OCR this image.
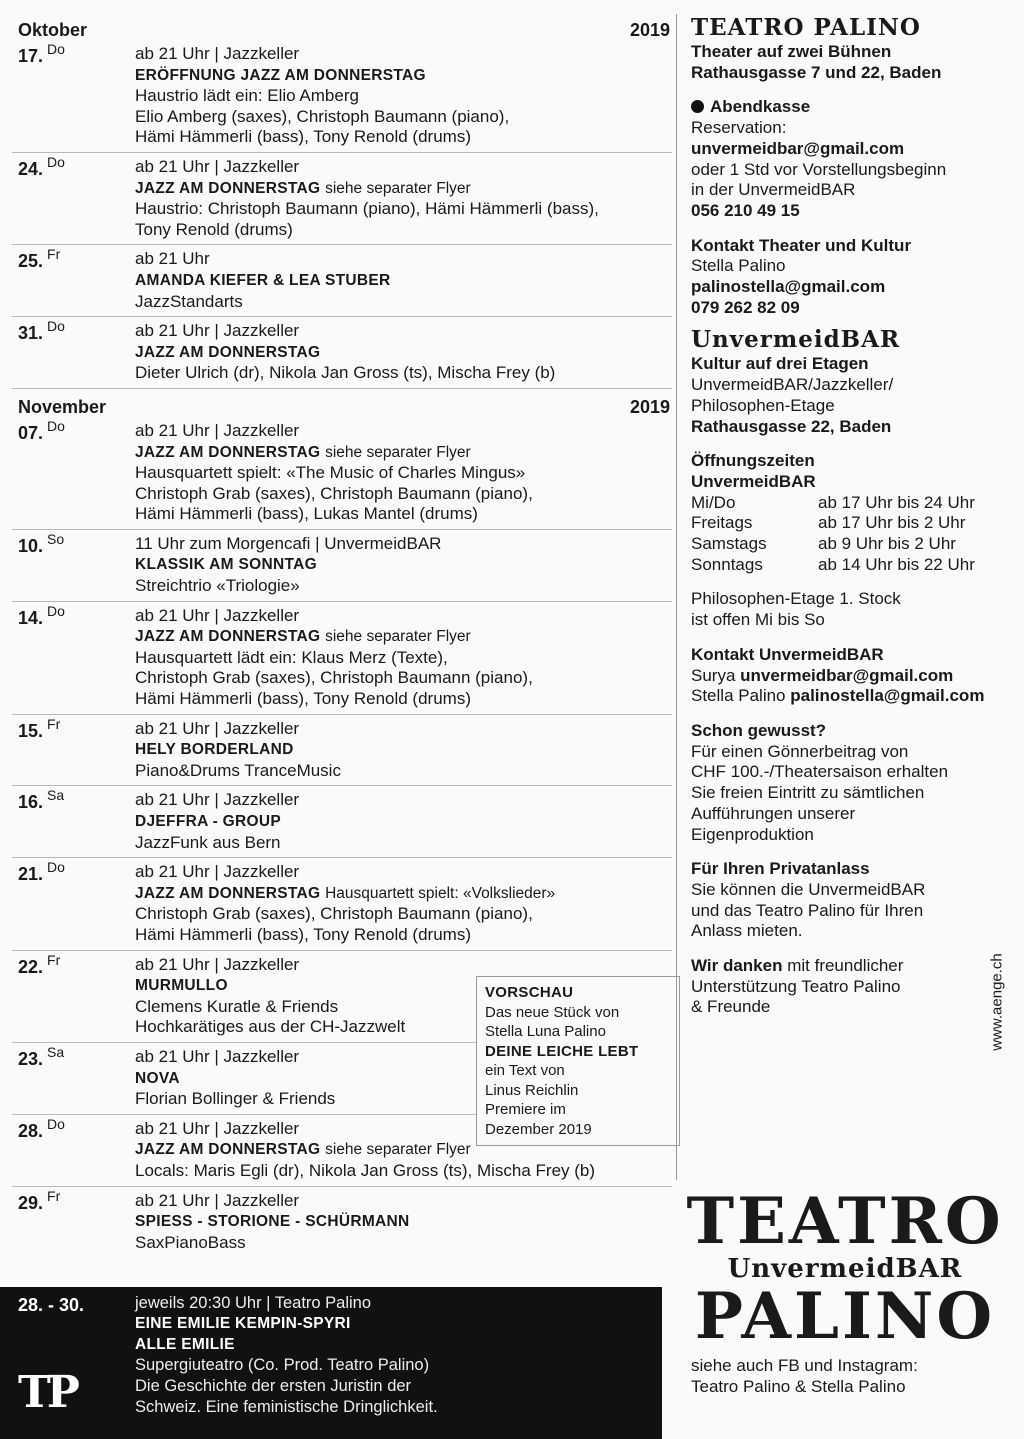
Oktober	2019
17. $^{Do}$	ab 21 Uhr | Jazzkeller
ERÖFFNUNG JAZZ AM DONNERSTAG
Haustrio lädt ein: Elio Amberg
Elio Amberg (saxes), Christoph Baumann (piano),
Hämi Hämmerli (bass), Tony Renold (drums)
24. $^{Do}$	ab 21 Uhr | Jazzkeller
JAZZ AM DONNERSTAG siehe separater Flyer
Haustrio: Christoph Baumann (piano), Hämi Hämmerli (bass),
Tony Renold (drums)
25. $^{Fr}$	ab 21 Uhr
AMANDA KIEFER & LEA STUBER
JazzStandarts
31. $^{Do}$	ab 21 Uhr | Jazzkeller
JAZZ AM DONNERSTAG
Dieter Ulrich (dr), Nikola Jan Gross (ts), Mischa Frey (b)
November	2019
07. $^{Do}$	ab 21 Uhr | Jazzkeller
JAZZ AM DONNERSTAG siehe separater Flyer
Hausquartett spielt: «The Music of Charles Mingus»
Christoph Grab (saxes), Christoph Baumann (piano),
Hämi Hämmerli (bass), Lukas Mantel (drums)
10. $^{So}$	11 Uhr zum Morgencafi | UnvermeidBAR
KLASSIK AM SONNTAG
Streichtrio «Triologie»
14. $^{Do}$	ab 21 Uhr | Jazzkeller
JAZZ AM DONNERSTAG siehe separater Flyer
Hausquartett lädt ein: Klaus Merz (Texte),
Christoph Grab (saxes), Christoph Baumann (piano),
Hämi Hämmerli (bass), Tony Renold (drums)
15. $^{Fr}$	ab 21 Uhr | Jazzkeller
HELY BORDERLAND
Piano&Drums TranceMusic
16. $^{Sa}$	ab 21 Uhr | Jazzkeller
DJEFFRA - GROUP
JazzFunk aus Bern
21. $^{Do}$	ab 21 Uhr | Jazzkeller
JAZZ AM DONNERSTAG Hausquartett spielt: «Volkslieder»
Christoph Grab (saxes), Christoph Baumann (piano),
Hämi Hämmerli (bass), Tony Renold (drums)
22. $^{Fr}$	ab 21 Uhr | Jazzkeller
MURMULLO
Clemens Kuratle & Friends
Hochkarätiges aus der CH-Jazzwelt
23. $^{Sa}$	ab 21 Uhr | Jazzkeller
NOVA
Florian Bollinger & Friends
28. $^{Do}$	ab 21 Uhr | Jazzkeller
JAZZ AM DONNERSTAG siehe separater Flyer
Locals: Maris Egli (dr), Nikola Jan Gross (ts), Mischa Frey (b)
29. $^{Fr}$	ab 21 Uhr | Jazzkeller
SPIESS - STORIONE - SCHÜRMANN
SaxPianoBass
VORSCHAU
Das neue Stück von
Stella Luna Palino
DEINE LEICHE LEBT
ein Text von
Linus Reichlin
Premiere im
Dezember 2019
28. - 30.	jeweils 20:30 Uhr | Teatro Palino
EINE EMILIE KEMPIN-SPYRI
ALLE EMILIE
Supergiuteatro (Co. Prod. Teatro Palino)
Die Geschichte der ersten Juristin der
Schweiz. Eine feministische Dringlichkeit.
TP
TEATRO PALINO
Theater auf zwei Bühnen
Rathausgasse 7 und 22, Baden
Abendkasse
Reservation:
unvermeidbar@gmail.com
oder 1 Std vor Vorstellungsbeginn
in der UnvermeidBAR
056 210 49 15
Kontakt Theater und Kultur
Stella Palino
palinostella@gmail.com
079 262 82 09
UnvermeidBAR
Kultur auf drei Etagen
UnvermeidBAR/Jazzkeller/
Philosophen-Etage
Rathausgasse 22, Baden
Öffnungszeiten
UnvermeidBAR
Mi/Do	ab 17 Uhr bis 24 Uhr
Freitags	ab 17 Uhr bis 2 Uhr
Samstags	ab 9 Uhr bis 2 Uhr
Sonntags	ab 14 Uhr bis 22 Uhr
Philosophen-Etage 1. Stock
ist offen Mi bis So
Kontakt UnvermeidBAR
Surya unvermeidbar@gmail.com
Stella Palino palinostella@gmail.com
Schon gewusst?
Für einen Gönnerbeitrag von
CHF 100.-/Theatersaison erhalten
Sie freien Eintritt zu sämtlichen
Aufführungen unserer
Eigenproduktion
Für Ihren Privatanlass
Sie können die UnvermeidBAR
und das Teatro Palino für Ihren
Anlass mieten.
Wir danken mit freundlicher
Unterstützung Teatro Palino
& Freunde	www.aenge.ch
TEATRO
UnvermeidBAR
PALINO
siehe auch FB und Instagram:
Teatro Palino & Stella Palino
